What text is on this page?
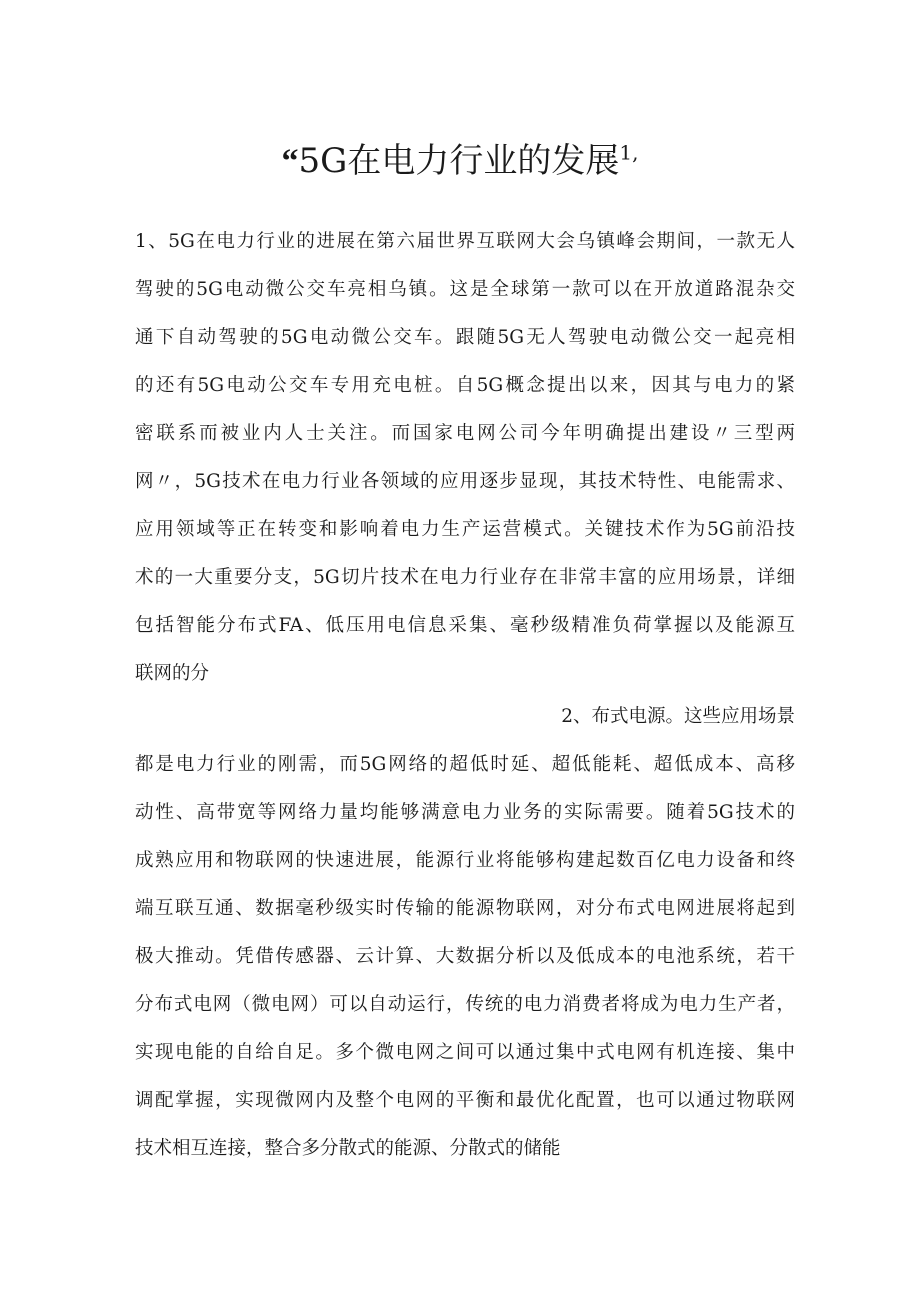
“5G在电力行业的发展$^{1,}$
1、5G在电力行业的进展在第六届世界互联网大会乌镇峰会期间，一款无人
驾驶的5G电动微公交车亮相乌镇。这是全球第一款可以在开放道路混杂交
通下自动驾驶的5G电动微公交车。跟随5G无人驾驶电动微公交一起亮相
的还有5G电动公交车专用充电桩。自5G概念提出以来，因其与电力的紧
密联系而被业内人士关注。而国家电网公司今年明确提出建设〃三型两
网〃，5G技术在电力行业各领域的应用逐步显现，其技术特性、电能需求、
应用领域等正在转变和影响着电力生产运营模式。关键技术作为5G前沿技
术的一大重要分支，5G切片技术在电力行业存在非常丰富的应用场景，详细
包括智能分布式FA、低压用电信息采集、毫秒级精准负荷掌握以及能源互
联网的分
2、布式电源。这些应用场景
都是电力行业的刚需，而5G网络的超低时延、超低能耗、超低成本、高移
动性、高带宽等网络力量均能够满意电力业务的实际需要。随着5G技术的
成熟应用和物联网的快速进展，能源行业将能够构建起数百亿电力设备和终
端互联互通、数据毫秒级实时传输的能源物联网，对分布式电网进展将起到
极大推动。凭借传感器、云计算、大数据分析以及低成本的电池系统，若干
分布式电网（微电网）可以自动运行，传统的电力消费者将成为电力生产者，
实现电能的自给自足。多个微电网之间可以通过集中式电网有机连接、集中
调配掌握，实现微网内及整个电网的平衡和最优化配置，也可以通过物联网
技术相互连接，整合多分散式的能源、分散式的储能
